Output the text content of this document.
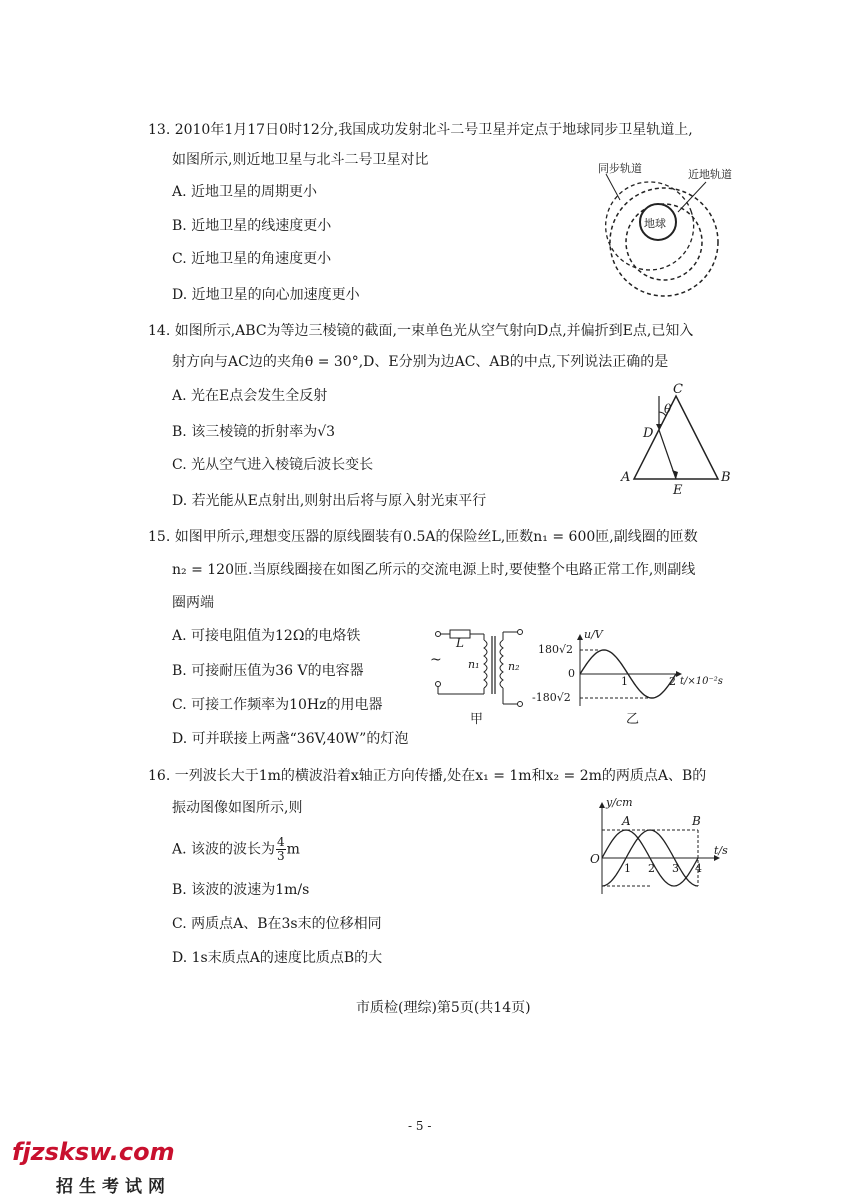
13. 2010年1月17日0时12分,我国成功发射北斗二号卫星并定点于地球同步卫星轨道上,
如图所示,则近地卫星与北斗二号卫星对比
A. 近地卫星的周期更小
B. 近地卫星的线速度更小
C. 近地卫星的角速度更小
D. 近地卫星的向心加速度更小
同步轨道	近地轨道
地球
14. 如图所示,ABC为等边三棱镜的截面,一束单色光从空气射向D点,并偏折到E点,已知入
射方向与AC边的夹角θ = 30°,D、E分别为边AC、AB的中点,下列说法正确的是
A. 光在E点会发生全反射
B. 该三棱镜的折射率为√3
C. 光从空气进入棱镜后波长变长
D. 若光能从E点射出,则射出后将与原入射光束平行
C
θ
D
A	B
E
15. 如图甲所示,理想变压器的原线圈装有0.5A的保险丝L,匝数n₁ = 600匝,副线圈的匝数
n₂ = 120匝.当原线圈接在如图乙所示的交流电源上时,要使整个电路正常工作,则副线
圈两端
A. 可接电阻值为12Ω的电烙铁
B. 可接耐压值为36 V的电容器
C. 可接工作频率为10Hz的用电器
D. 可并联接上两盏“36V,40W”的灯泡
L
~ n₁	n₂
甲
u/V
180√2
0
-180√2
1	2 t/×10⁻²s
乙
16. 一列波长大于1m的横波沿着x轴正方向传播,处在x₁ = 1m和x₂ = 2m的两质点A、B的
振动图像如图所示,则
A. 该波的波长为 $\frac{4}{3}$ m
B. 该波的波速为1m/s
C. 两质点A、B在3s末的位移相同
D. 1s末质点A的速度比质点B的大
y/cm
A	B
O
t/s
1 2 3 4
市质检(理综)第5页(共14页)
- 5 -
fjzsksw.com
招生考试网
